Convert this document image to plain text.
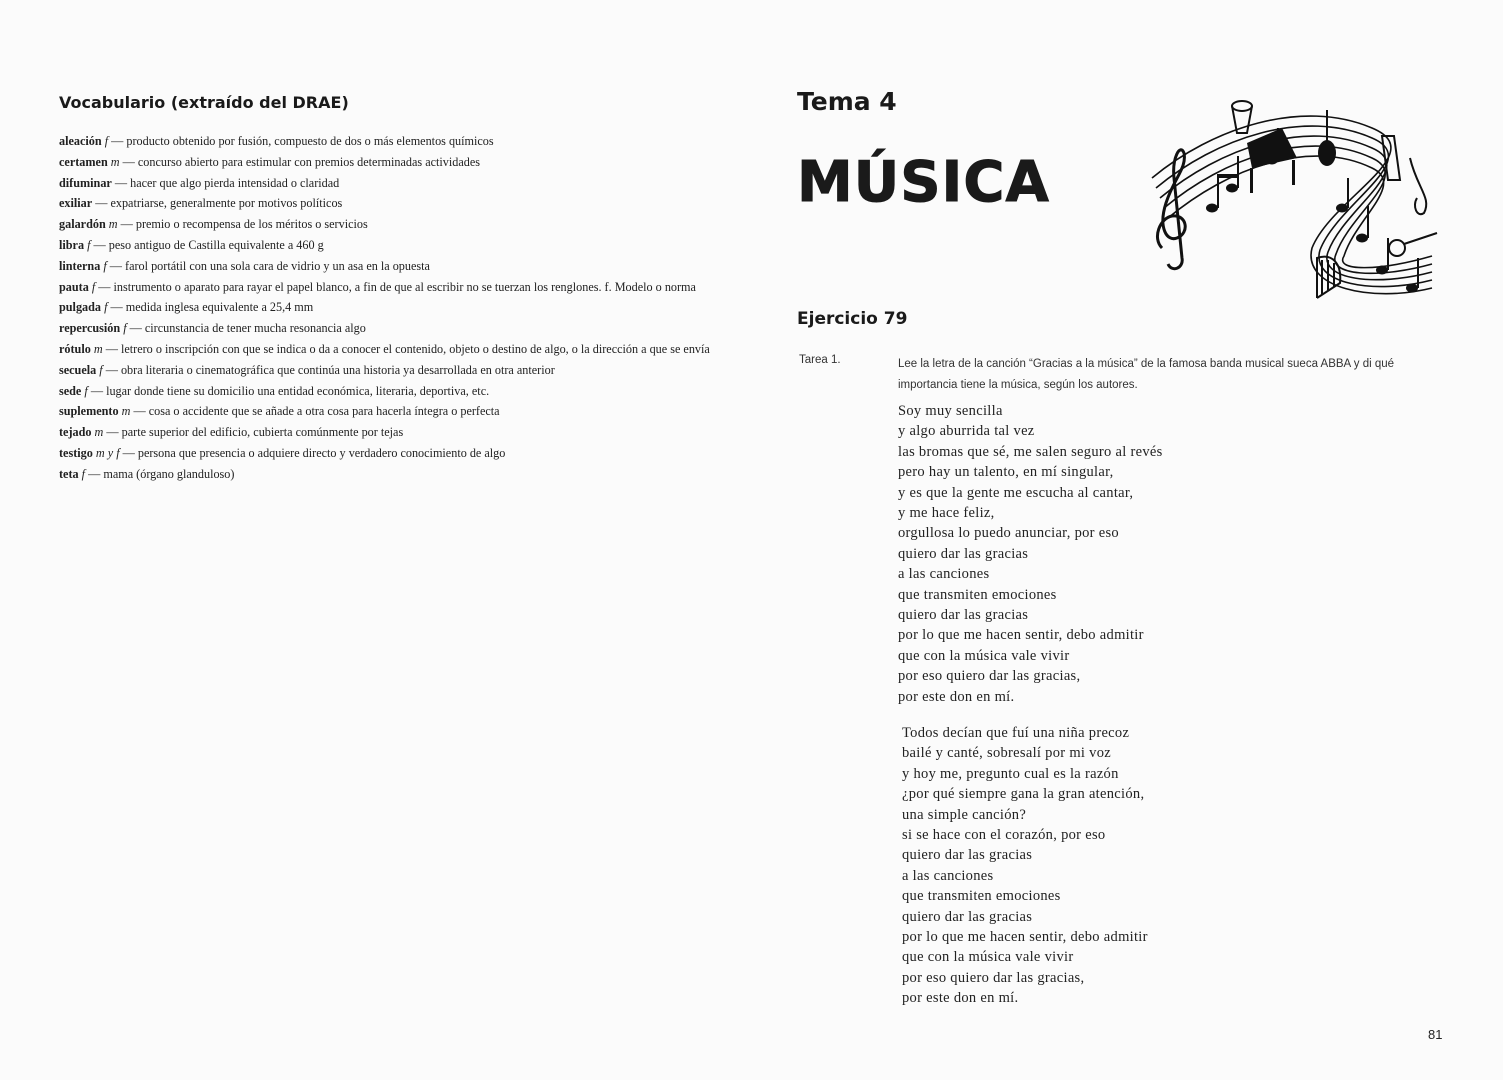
Vocabulario (extraído del DRAE)
aleación f — producto obtenido por fusión, compuesto de dos o más elementos químicos
certamen m — concurso abierto para estimular con premios determinadas actividades
difuminar — hacer que algo pierda intensidad o claridad
exiliar — expatriarse, generalmente por motivos políticos
galardón m — premio o recompensa de los méritos o servicios
libra f — peso antiguo de Castilla equivalente a 460 g
linterna f — farol portátil con una sola cara de vidrio y un asa en la opuesta
pauta f — instrumento o aparato para rayar el papel blanco, a fin de que al escribir no se tuerzan los renglones. f. Modelo o norma
pulgada f — medida inglesa equivalente a 25,4 mm
repercusión f — circunstancia de tener mucha resonancia algo
rótulo m — letrero o inscripción con que se indica o da a conocer el contenido, objeto o destino de algo, o la dirección a que se envía
secuela f — obra literaria o cinematográfica que continúa una historia ya desarrollada en otra anterior
sede f — lugar donde tiene su domicilio una entidad económica, literaria, deportiva, etc.
suplemento m — cosa o accidente que se añade a otra cosa para hacerla íntegra o perfecta
tejado m — parte superior del edificio, cubierta comúnmente por tejas
testigo m y f — persona que presencia o adquiere directo y verdadero conocimiento de algo
teta f — mama (órgano glanduloso)
Tema 4
MÚSICA
Ejercicio 79
Tarea 1.	Lee la letra de la canción “Gracias a la música” de la famosa banda musical sueca ABBA y di qué importancia tiene la música, según los autores.

Soy muy sencilla
y algo aburrida tal vez
las bromas que sé, me salen seguro al revés
pero hay un talento, en mí singular,
y es que la gente me escucha al cantar,
y me hace feliz,
orgullosa lo puedo anunciar, por eso
quiero dar las gracias
a las canciones
que transmiten emociones
quiero dar las gracias
por lo que me hacen sentir, debo admitir
que con la música vale vivir
por eso quiero dar las gracias,
por este don en mí.
Todos decían que fuí una niña precoz
bailé y canté, sobresalí por mi voz
y hoy me, pregunto cual es la razón
¿por qué siempre gana la gran atención,
una simple canción?
si se hace con el corazón, por eso
quiero dar las gracias
a las canciones
que transmiten emociones
quiero dar las gracias
por lo que me hacen sentir, debo admitir
que con la música vale vivir
por eso quiero dar las gracias,
por este don en mí.
81
